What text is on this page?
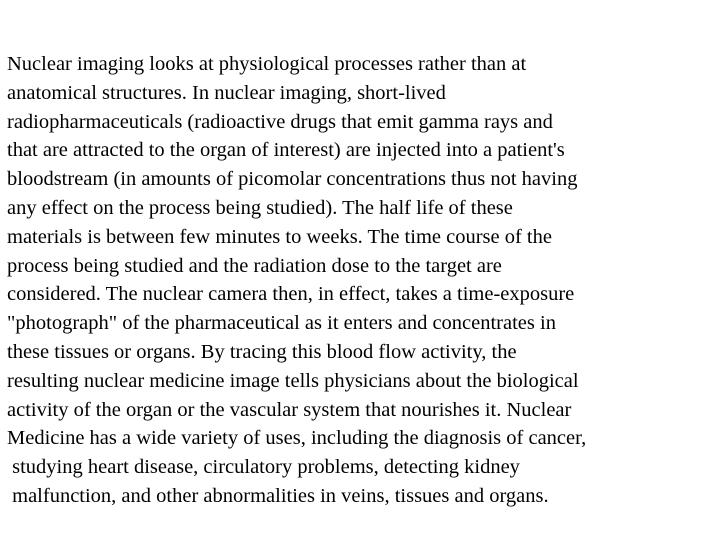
Nuclear imaging looks at physiological processes rather than at
anatomical structures. In nuclear imaging, short-lived
radiopharmaceuticals (radioactive drugs that emit gamma rays and
that are attracted to the organ of interest) are injected into a patient's
bloodstream (in amounts of picomolar concentrations thus not having
any effect on the process being studied). The half life of these
materials is between few minutes to weeks. The time course of the
process being studied and the radiation dose to the target are
considered. The nuclear camera then, in effect, takes a time-exposure
"photograph" of the pharmaceutical as it enters and concentrates in
these tissues or organs. By tracing this blood flow activity, the
resulting nuclear medicine image tells physicians about the biological
activity of the organ or the vascular system that nourishes it. Nuclear
Medicine has a wide variety of uses, including the diagnosis of cancer,
studying heart disease, circulatory problems, detecting kidney
malfunction, and other abnormalities in veins, tissues and organs.
